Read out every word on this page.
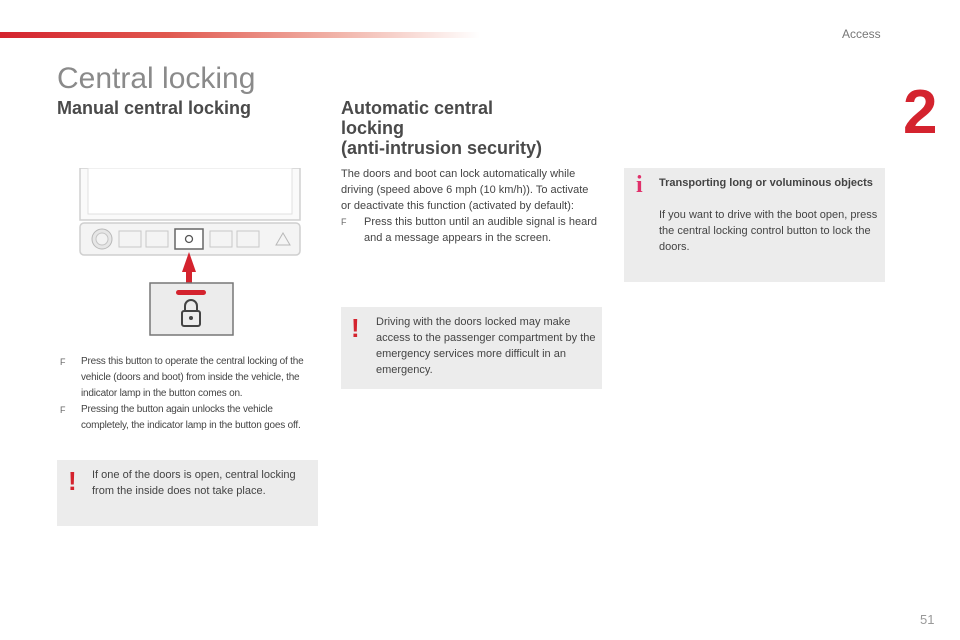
Access
2
Central locking
Manual central locking	Automatic central
locking
(anti-intrusion security)
F	Press this button to operate the central locking of the vehicle (doors and boot) from inside the vehicle, the indicator lamp in the button comes on.
F	Pressing the button again unlocks the vehicle completely, the indicator lamp in the button goes off.
! If one of the doors is open, central locking from the inside does not take place.

The doors and boot can lock automatically while driving (speed above 6 mph (10 km/h)). To activate or deactivate this function (activated by default):

F	Press this button until an audible signal is heard and a message appears in the screen.
! Driving with the doors locked may make access to the passenger compartment by the emergency services more difficult in an emergency.
i Transporting long or voluminous objects
If you want to drive with the boot open, press the central locking control button to lock the doors.
51
